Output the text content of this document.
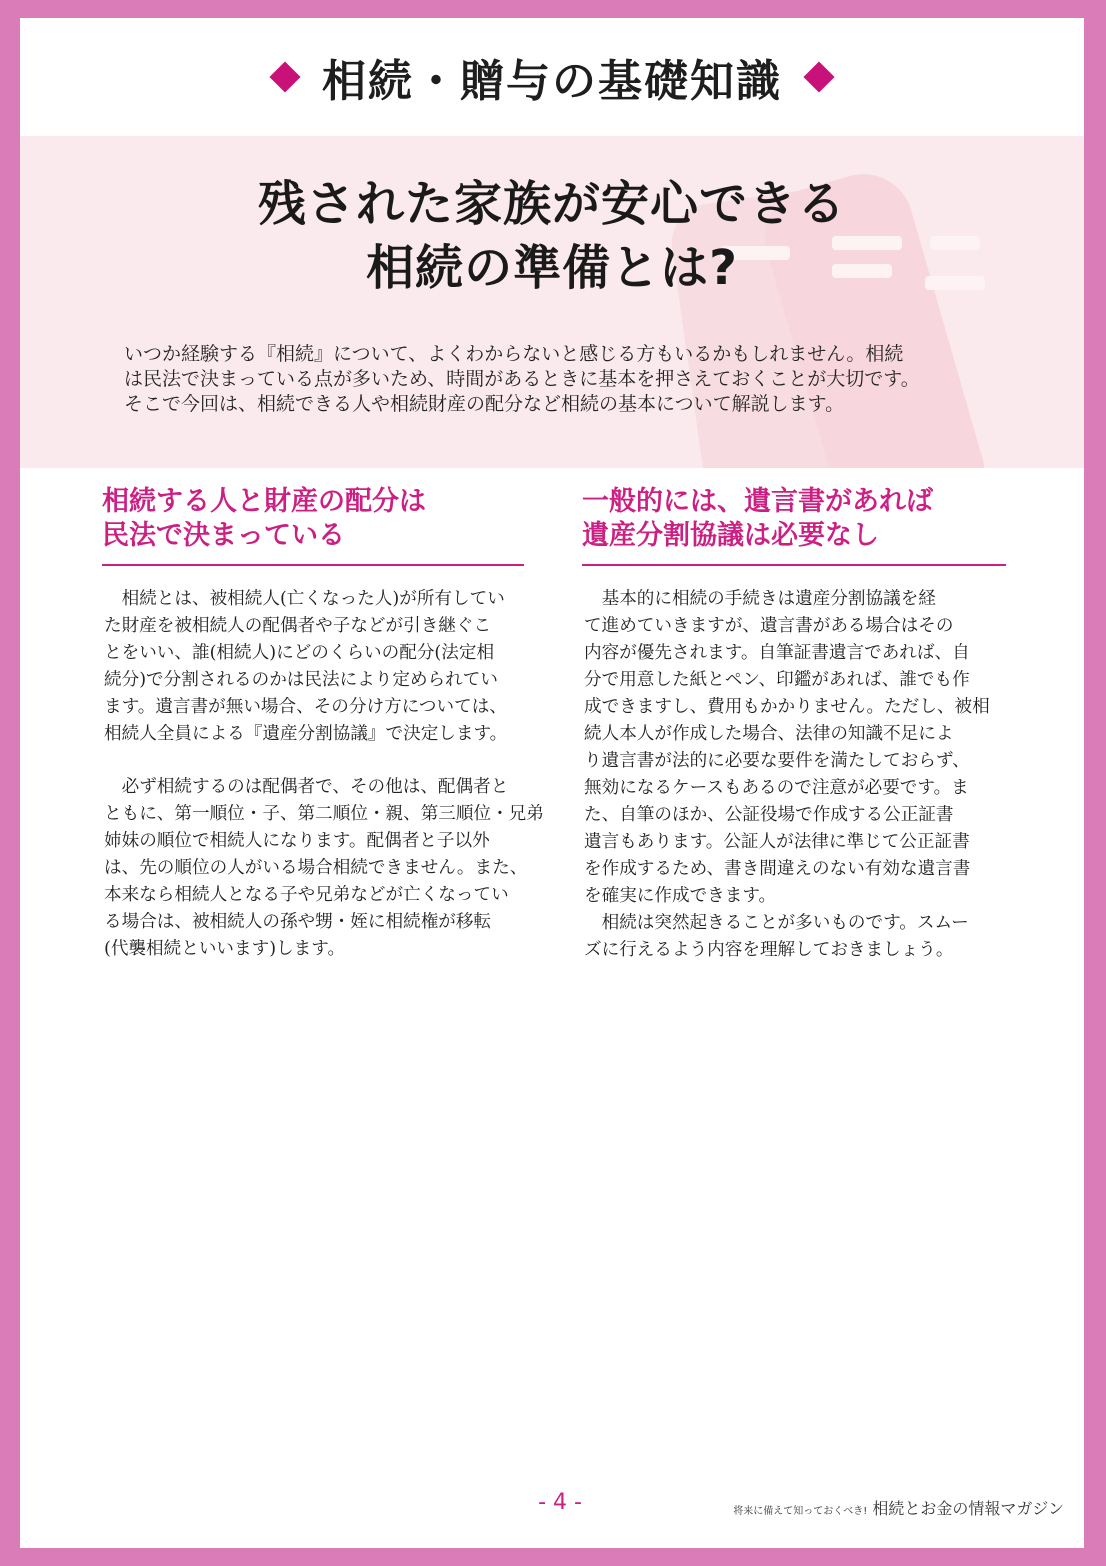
相続・贈与の基礎知識
残された家族が安心できる
相続の準備とは?
いつか経験する『相続』について、よくわからないと感じる方もいるかもしれません。相続
は民法で決まっている点が多いため、時間があるときに基本を押さえておくことが大切です。
そこで今回は、相続できる人や相続財産の配分など相続の基本について解説します。
相続する人と財産の配分は
民法で決まっている

相続とは、被相続人(亡くなった人)が所有してい

た財産を被相続人の配偶者や子などが引き継ぐこ

とをいい、誰(相続人)にどのくらいの配分(法定相

続分)で分割されるのかは民法により定められてい

ます。遺言書が無い場合、その分け方については、

相続人全員による『遺産分割協議』で決定します。

必ず相続するのは配偶者で、その他は、配偶者と

ともに、第一順位・子、第二順位・親、第三順位・兄弟

姉妹の順位で相続人になります。配偶者と子以外

は、先の順位の人がいる場合相続できません。また、

本来なら相続人となる子や兄弟などが亡くなってい

る場合は、被相続人の孫や甥・姪に相続権が移転

(代襲相続といいます)します。

一般的には、遺言書があれば
遺産分割協議は必要なし

基本的に相続の手続きは遺産分割協議を経

て進めていきますが、遺言書がある場合はその

内容が優先されます。自筆証書遺言であれば、自

分で用意した紙とペン、印鑑があれば、誰でも作

成できますし、費用もかかりません。ただし、被相

続人本人が作成した場合、法律の知識不足によ

り遺言書が法的に必要な要件を満たしておらず、

無効になるケースもあるので注意が必要です。ま

た、自筆のほか、公証役場で作成する公正証書

遺言もあります。公証人が法律に準じて公正証書

を作成するため、書き間違えのない有効な遺言書

を確実に作成できます。

相続は突然起きることが多いものです。スムー

ズに行えるよう内容を理解しておきましょう。

- 4 -	将来に備えて知っておくべき! 相続とお金の情報マガジン
